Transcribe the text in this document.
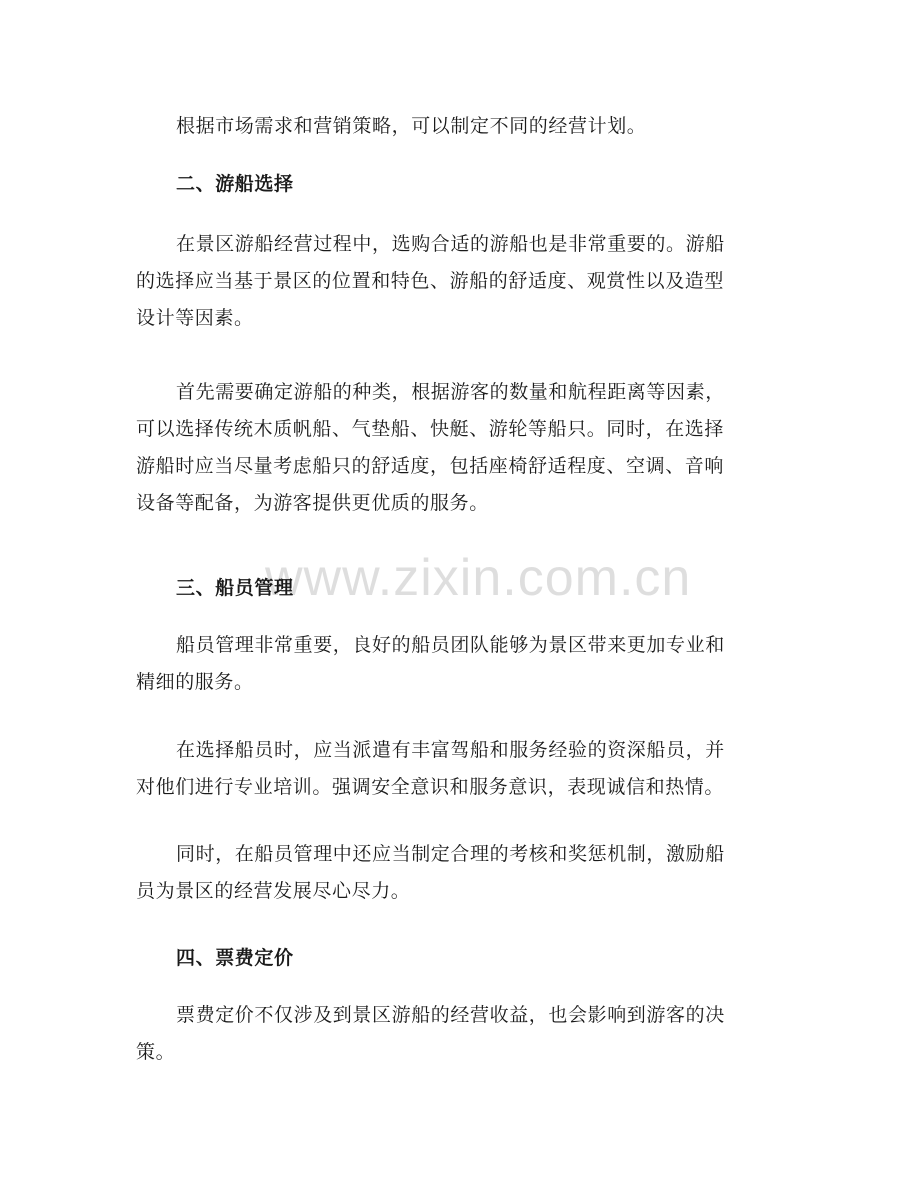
根据市场需求和营销策略，可以制定不同的经营计划。
二、游船选择
在景区游船经营过程中，选购合适的游船也是非常重要的。游船
的选择应当基于景区的位置和特色、游船的舒适度、观赏性以及造型
设计等因素。
首先需要确定游船的种类，根据游客的数量和航程距离等因素，
可以选择传统木质帆船、气垫船、快艇、游轮等船只。同时，在选择
游船时应当尽量考虑船只的舒适度，包括座椅舒适程度、空调、音响
设备等配备，为游客提供更优质的服务。
三、船员管理
船员管理非常重要，良好的船员团队能够为景区带来更加专业和
精细的服务。
在选择船员时，应当派遣有丰富驾船和服务经验的资深船员，并
对他们进行专业培训。强调安全意识和服务意识，表现诚信和热情。
同时，在船员管理中还应当制定合理的考核和奖惩机制，激励船
员为景区的经营发展尽心尽力。
四、票费定价
票费定价不仅涉及到景区游船的经营收益，也会影响到游客的决
策。
www.zixin.com.cn
